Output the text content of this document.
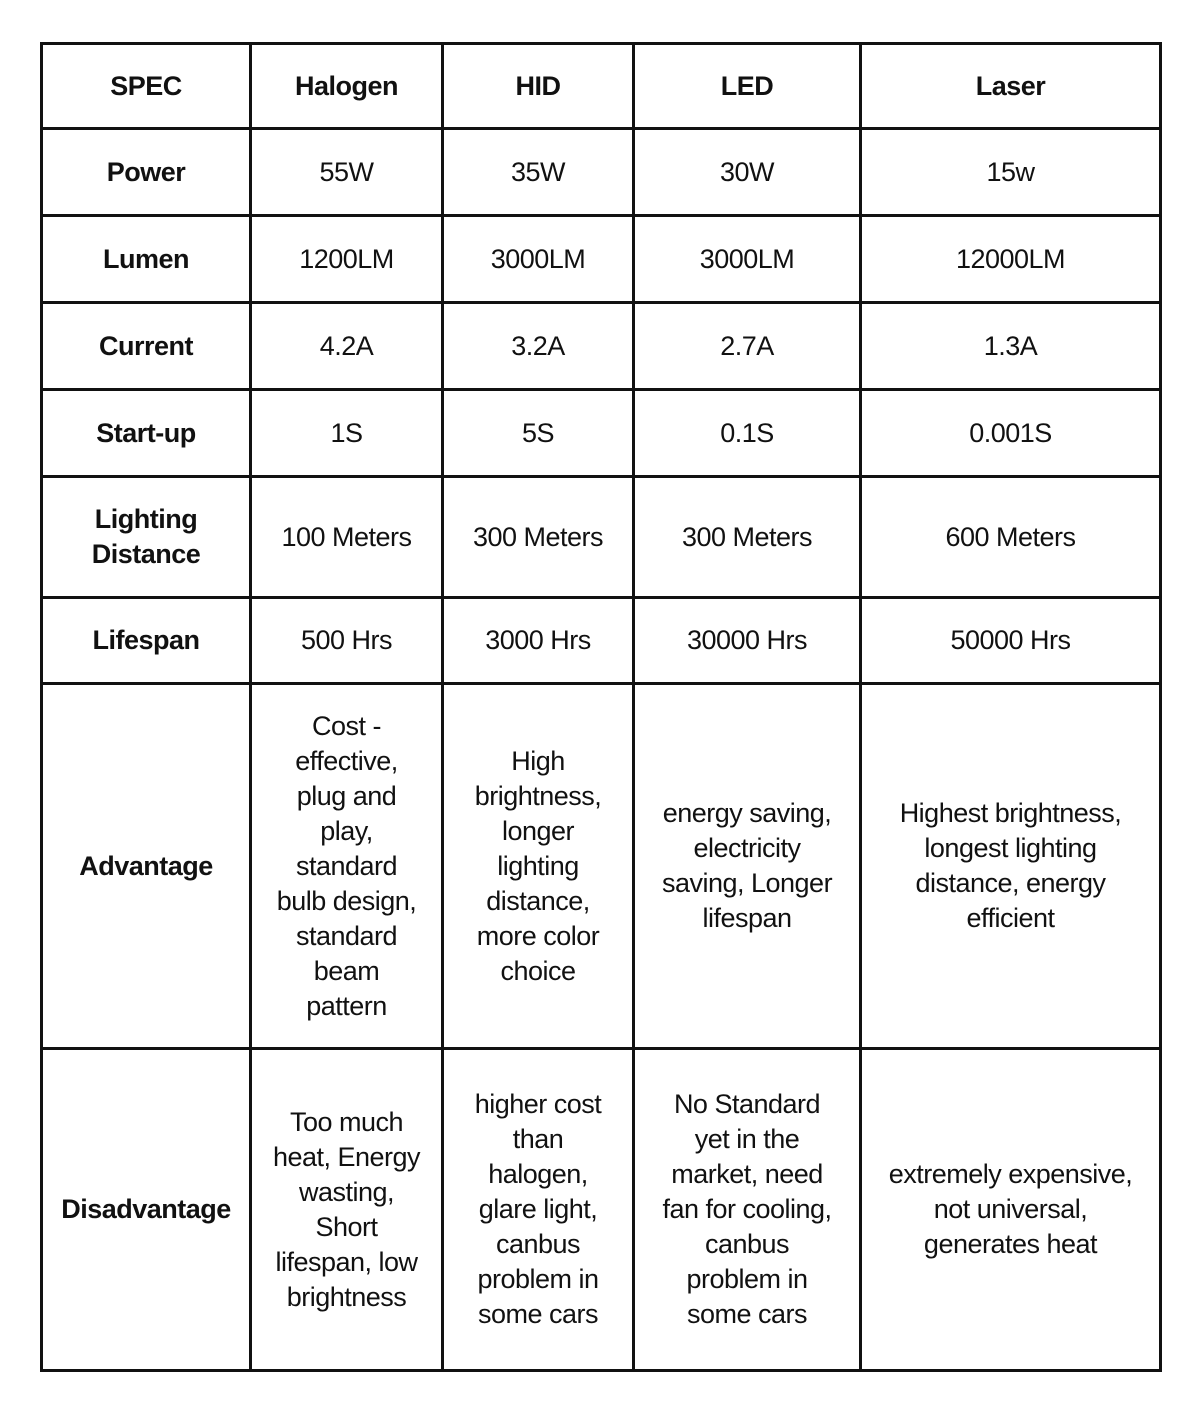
SPEC	Halogen	HID	LED	Laser
Power	55W	35W	30W	15w
Lumen	1200LM	3000LM	3000LM	12000LM
Current	4.2A	3.2A	2.7A	1.3A
Start-up	1S	5S	0.1S	0.001S
Lighting Distance	100 Meters	300 Meters	300 Meters	600 Meters
Lifespan	500 Hrs	3000 Hrs	30000 Hrs	50000 Hrs
Advantage	Cost - effective, plug and play, standard bulb design, standard beam pattern	High brightness, longer lighting distance, more color choice	energy saving, electricity saving, Longer lifespan	Highest brightness, longest lighting distance, energy efficient
Disadvantage	Too much heat, Energy wasting, Short lifespan, low brightness	higher cost than halogen, glare light, canbus problem in some cars	No Standard yet in the market, need fan for cooling, canbus problem in some cars	extremely expensive, not universal, generates heat
